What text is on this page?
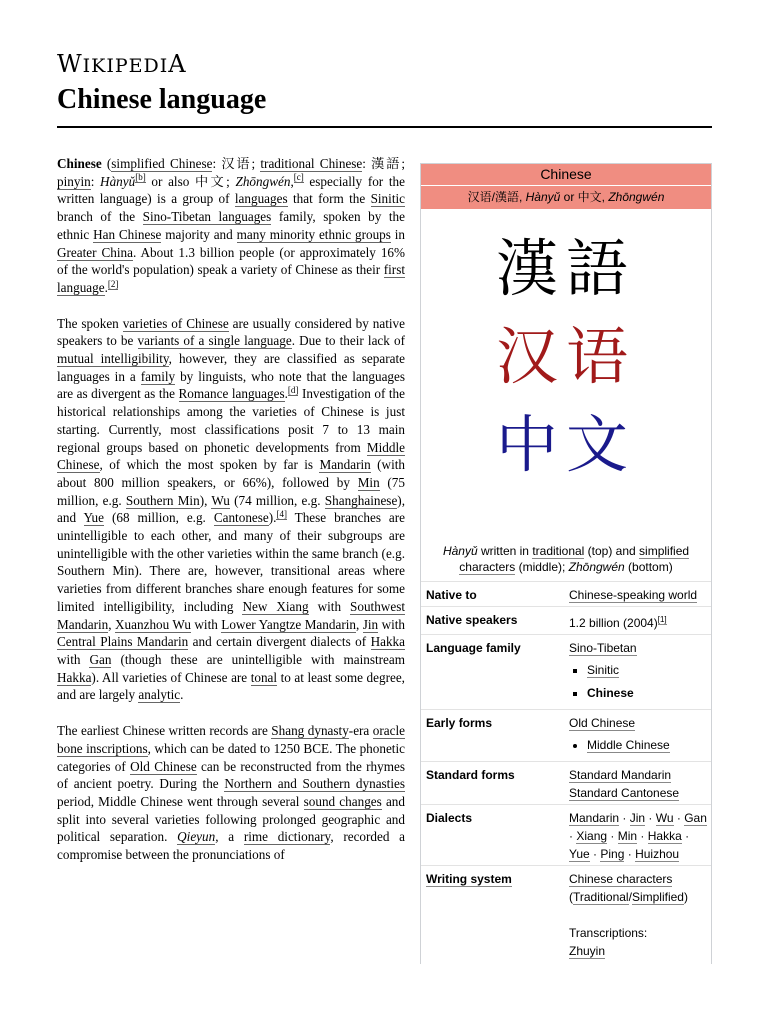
WIKIPEDIA
Chinese language

Chinese (simplified Chinese: 汉语; traditional Chinese: 漢語; pinyin: Hànyǔ[b] or also 中文; Zhōngwén,[c] especially for the written language) is a group of languages that form the Sinitic branch of the Sino-Tibetan languages family, spoken by the ethnic Han Chinese majority and many minority ethnic groups in Greater China. About 1.3 billion people (or approximately 16% of the world's population) speak a variety of Chinese as their first language.[2]

The spoken varieties of Chinese are usually considered by native speakers to be variants of a single language. Due to their lack of mutual intelligibility, however, they are classified as separate languages in a family by linguists, who note that the languages are as divergent as the Romance languages.[d] Investigation of the historical relationships among the varieties of Chinese is just starting. Currently, most classifications posit 7 to 13 main regional groups based on phonetic developments from Middle Chinese, of which the most spoken by far is Mandarin (with about 800 million speakers, or 66%), followed by Min (75 million, e.g. Southern Min), Wu (74 million, e.g. Shanghainese), and Yue (68 million, e.g. Cantonese).[4] These branches are unintelligible to each other, and many of their subgroups are unintelligible with the other varieties within the same branch (e.g. Southern Min). There are, however, transitional areas where varieties from different branches share enough features for some limited intelligibility, including New Xiang with Southwest Mandarin, Xuanzhou Wu with Lower Yangtze Mandarin, Jin with Central Plains Mandarin and certain divergent dialects of Hakka with Gan (though these are unintelligible with mainstream Hakka). All varieties of Chinese are tonal to at least some degree, and are largely analytic.

The earliest Chinese written records are Shang dynasty-era oracle bone inscriptions, which can be dated to 1250 BCE. The phonetic categories of Old Chinese can be reconstructed from the rhymes of ancient poetry. During the Northern and Southern dynasties period, Middle Chinese went through several sound changes and split into several varieties following prolonged geographic and political separation. Qieyun, a rime dictionary, recorded a compromise between the pronunciations of

Chinese
汉语/漢語, Hànyǔ or 中文, Zhōngwén
漢語
汉语
中文
Hànyǔ written in traditional (top) and simplified characters (middle); Zhōngwén (bottom)
Native to	Chinese-speaking world
Native speakers	1.2 billion (2004)[1]
Language family	Sino-Tibetan
▪ Sinitic
▪ Chinese
Early forms	Old Chinese
• Middle Chinese
Standard forms	Standard Mandarin
Standard Cantonese
Dialects	Mandarin · Jin · Wu · Gan · Xiang · Min · Hakka · Yue · Ping · Huizhou
Writing system	Chinese characters
(Traditional/Simplified)

Transcriptions:
Zhuyin
